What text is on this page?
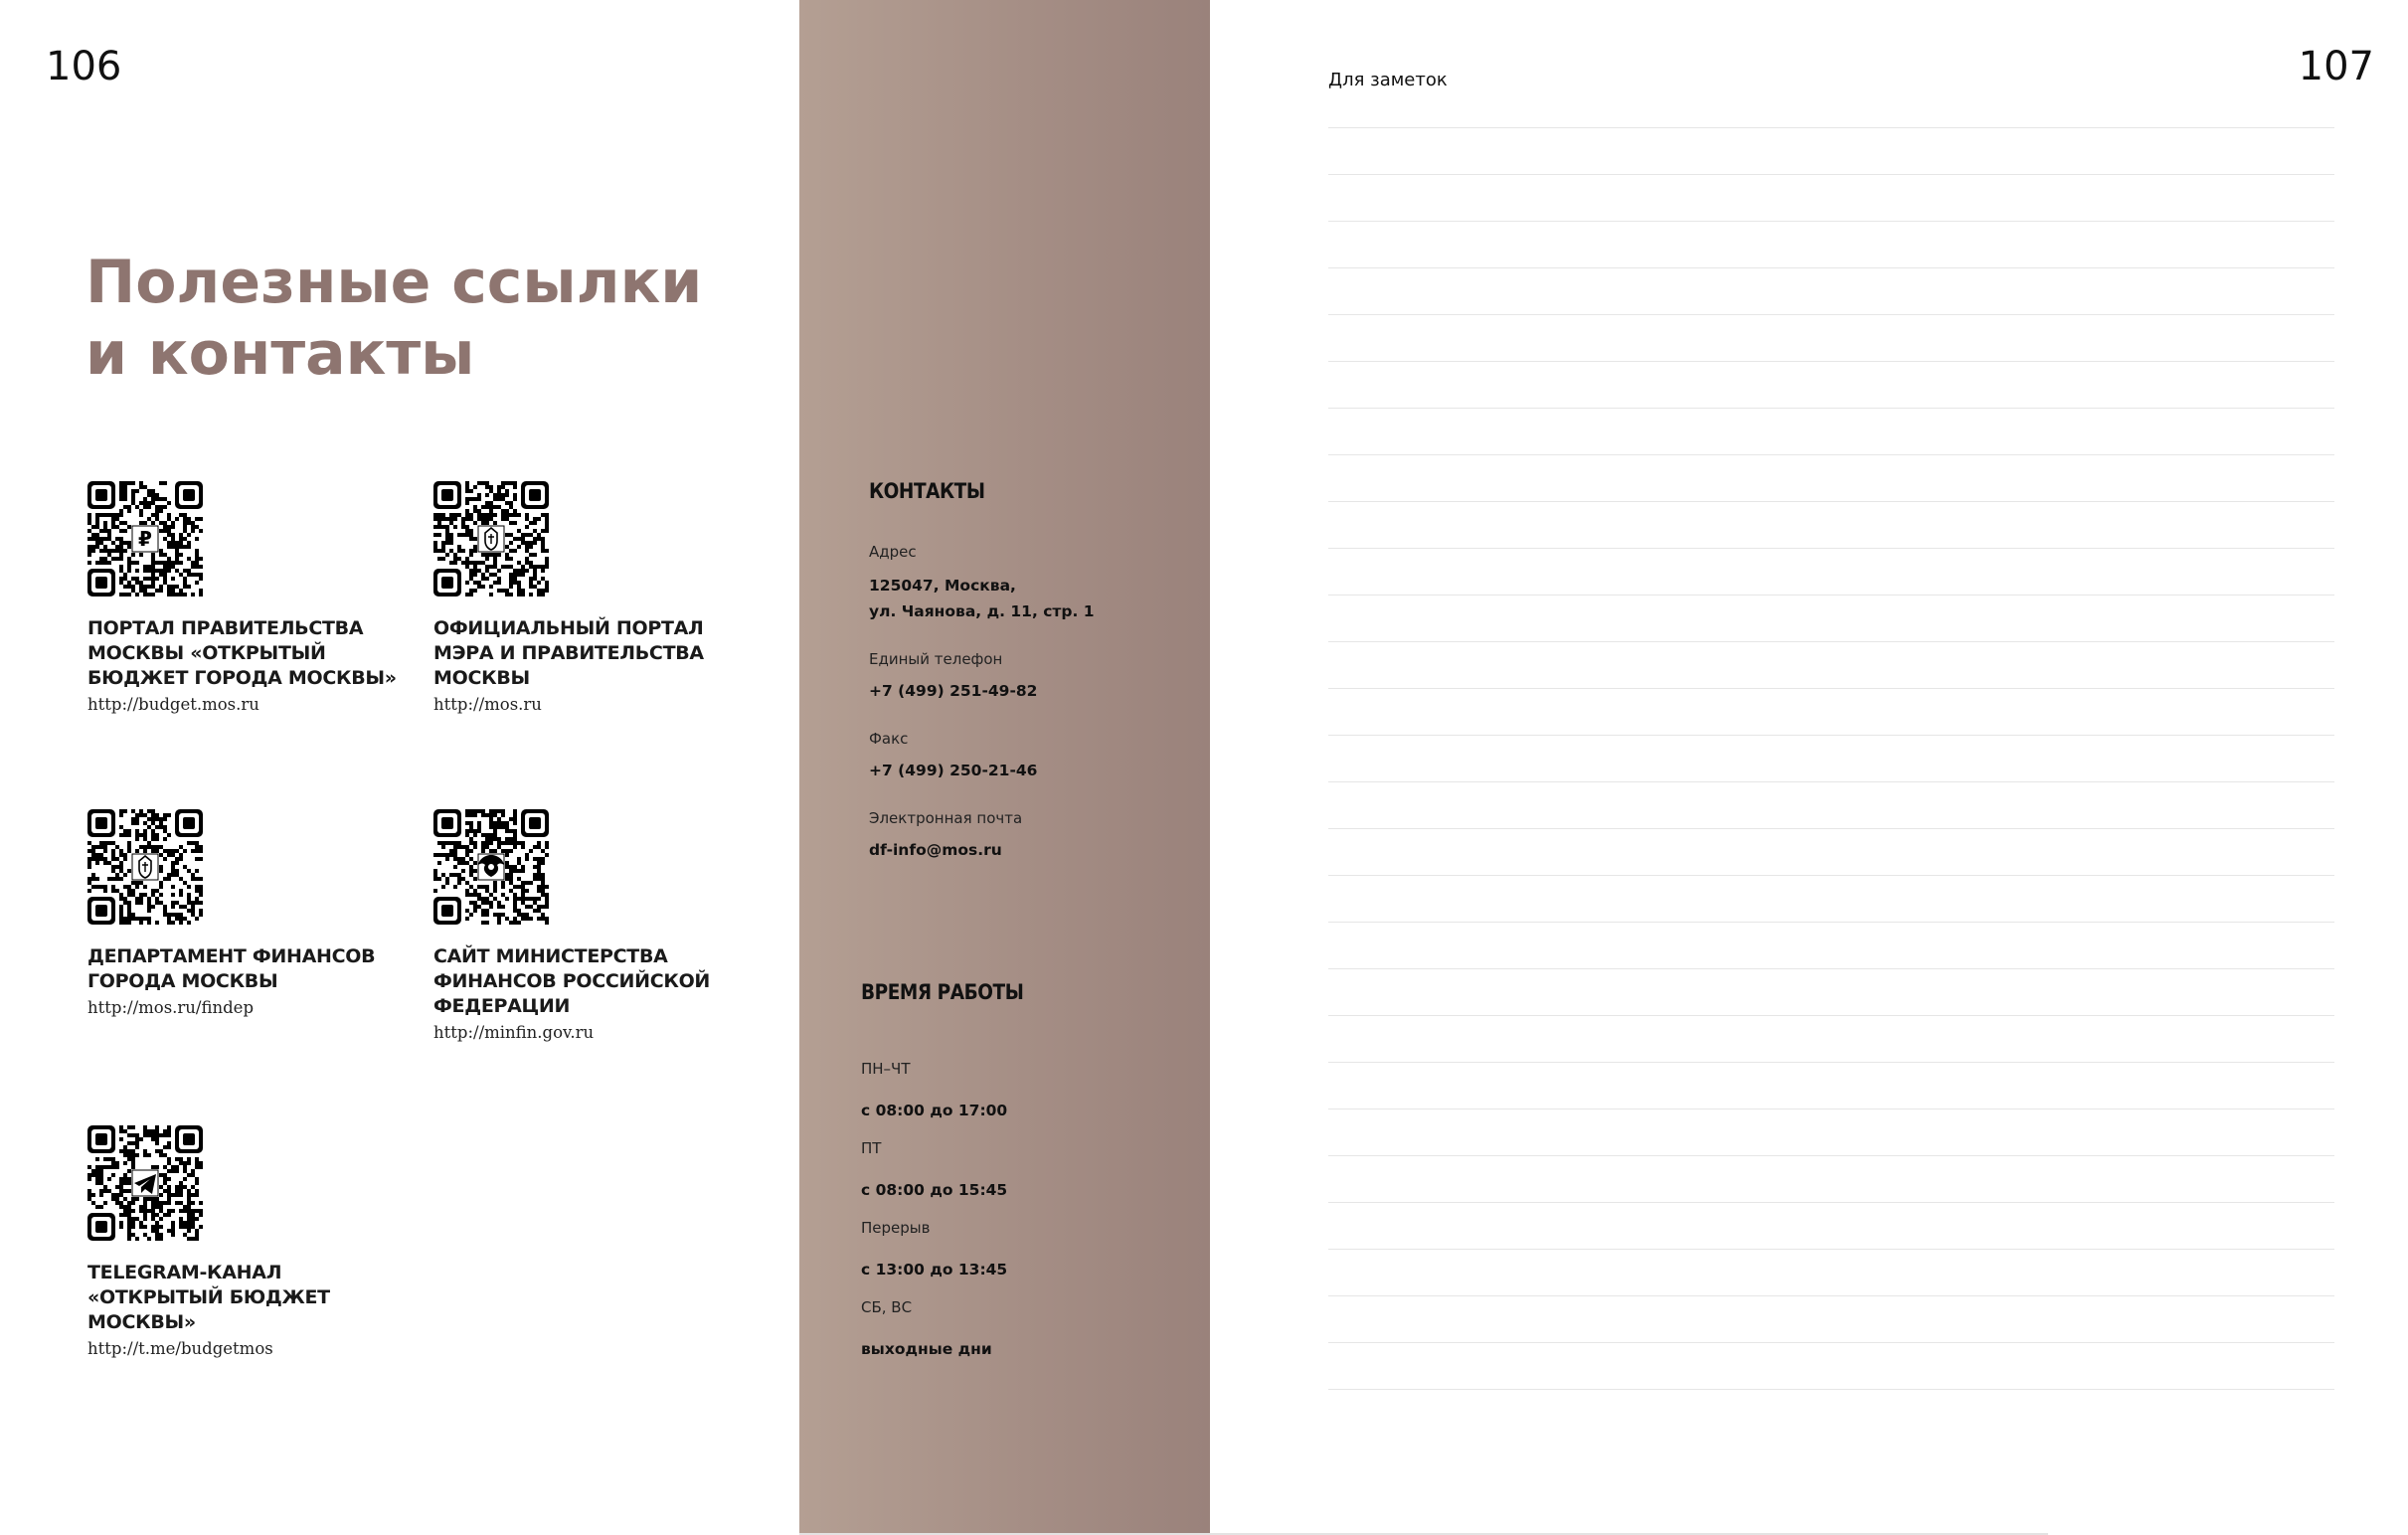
106	107
Полезные ссылки
и контакты
₽
ПОРТАЛ ПРАВИТЕЛЬСТВА
МОСКВЫ «ОТКРЫТЫЙ
БЮДЖЕТ ГОРОДА МОСКВЫ»
http://budget.mos.ru
ОФИЦИАЛЬНЫЙ ПОРТАЛ
МЭРА И ПРАВИТЕЛЬСТВА
МОСКВЫ
http://mos.ru
ДЕПАРТАМЕНТ ФИНАНСОВ
ГОРОДА МОСКВЫ
http://mos.ru/findep
САЙТ МИНИСТЕРСТВА
ФИНАНСОВ РОССИЙСКОЙ
ФЕДЕРАЦИИ
http://minfin.gov.ru
TELEGRAM-КАНАЛ
«ОТКРЫТЫЙ БЮДЖЕТ
МОСКВЫ»
http://t.me/budgetmos
КОНТАКТЫ
Адрес
125047, Москва,
ул. Чаянова, д. 11, стр. 1
Единый телефон
+7 (499) 251-49-82
Факс
+7 (499) 250-21-46
Электронная почта
df-info@mos.ru
ВРЕМЯ РАБОТЫ
ПН–ЧТ
с 08:00 до 17:00
ПТ
с 08:00 до 15:45
Перерыв
с 13:00 до 13:45
СБ, ВС
выходные дни
Для заметок
